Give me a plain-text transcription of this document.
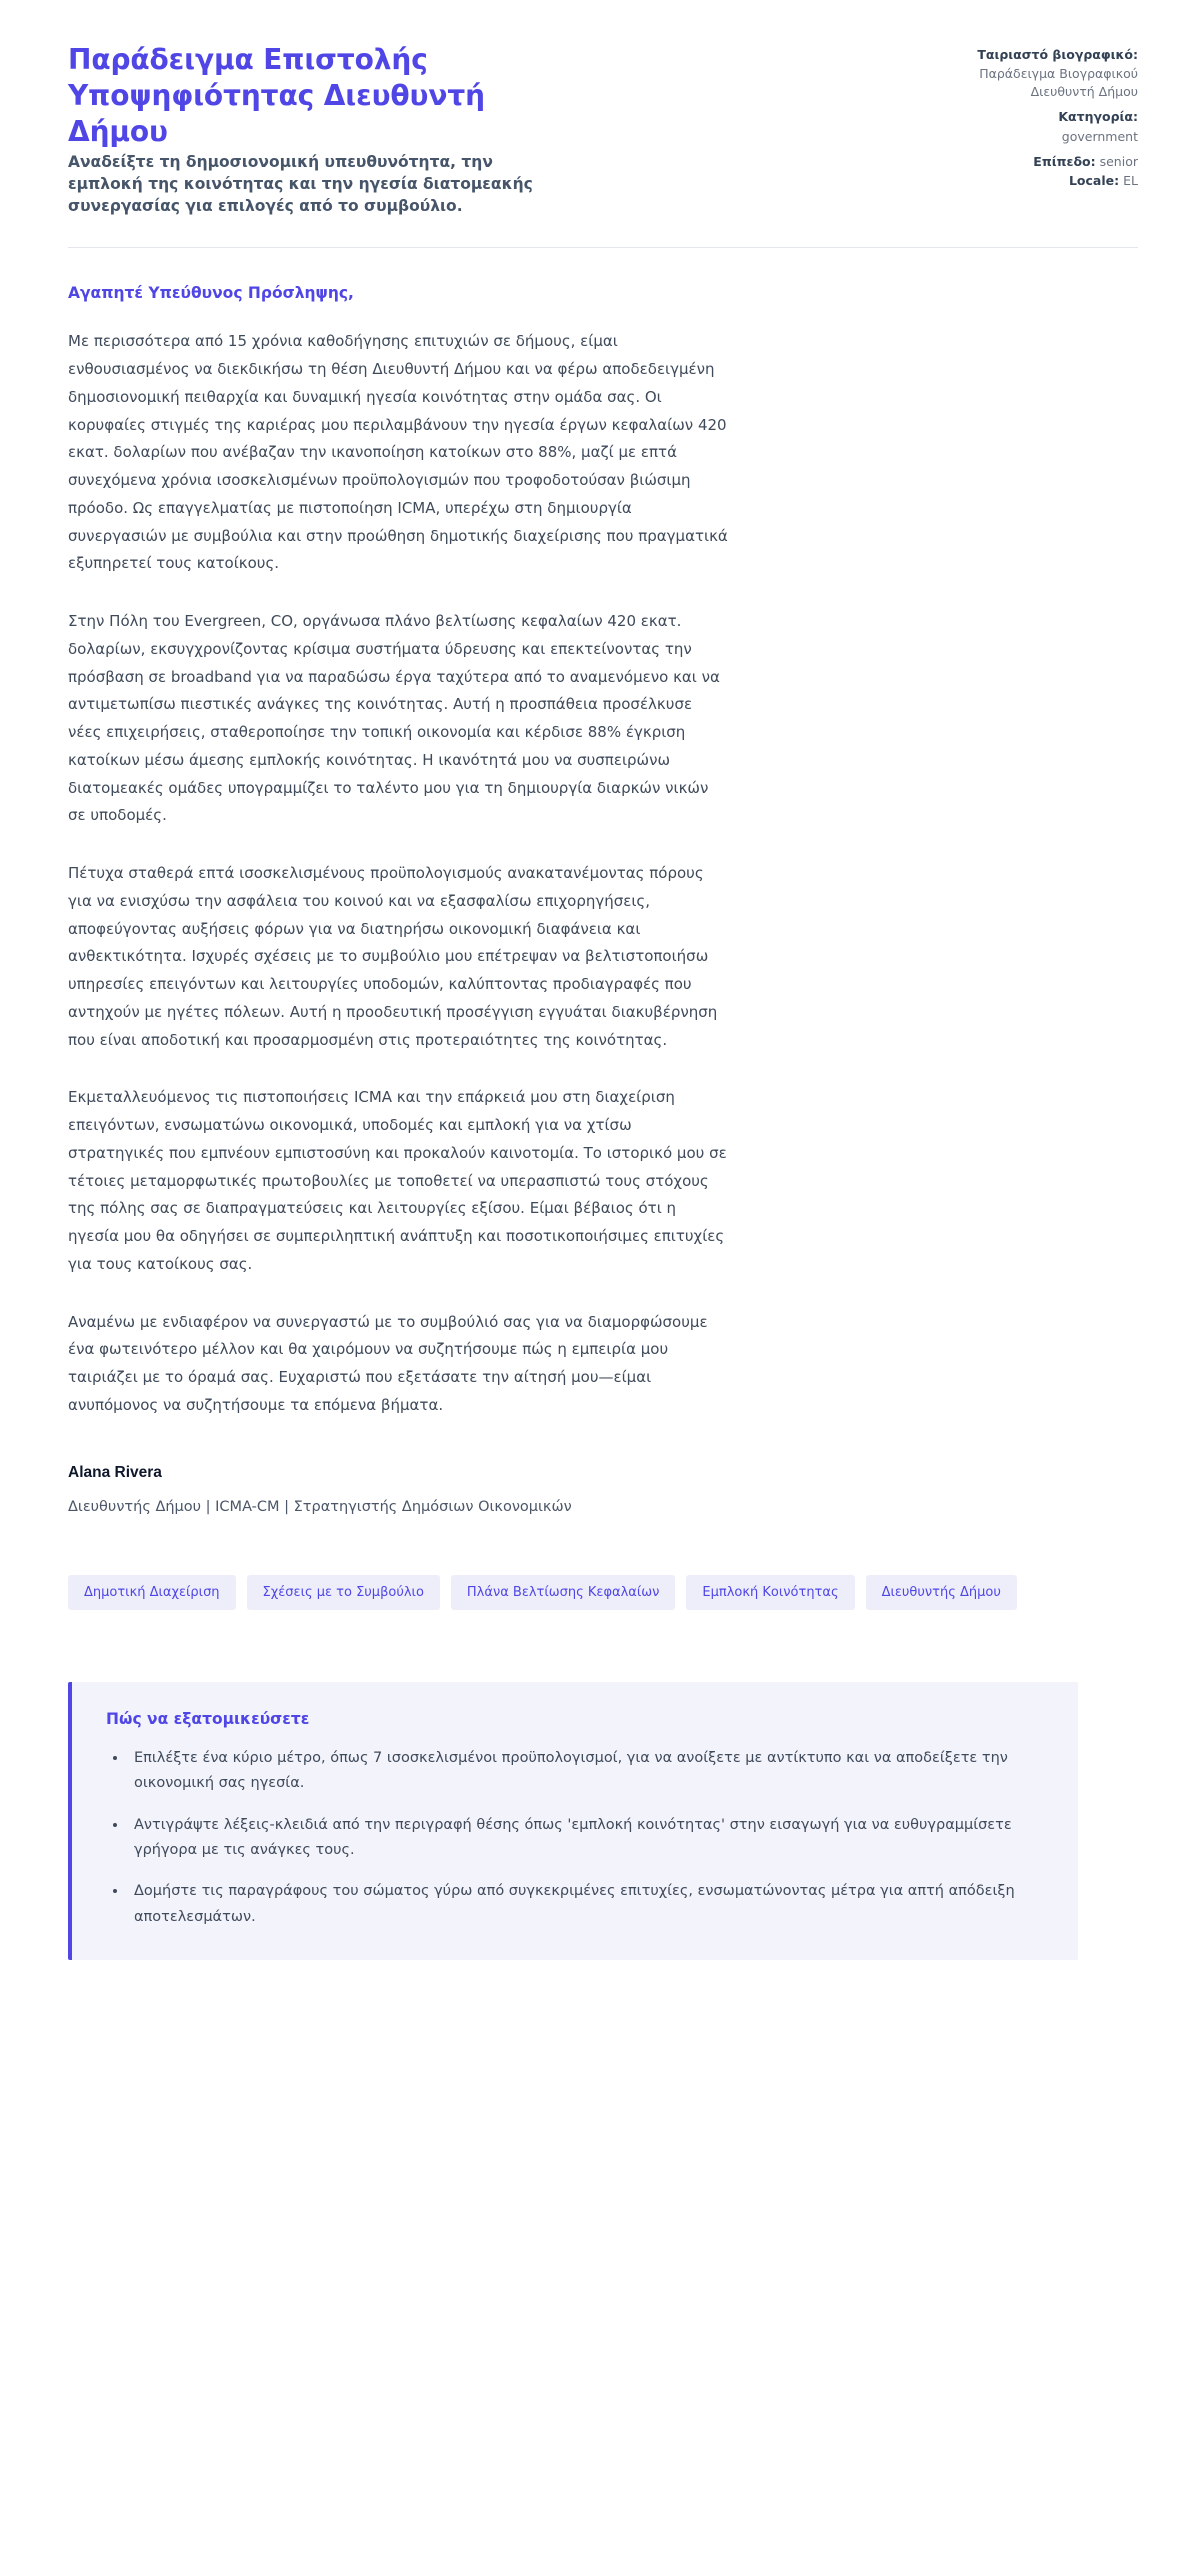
Παράδειγμα Επιστολής Υποψηφιότητας Διευθυντή Δήμου

Αναδείξτε τη δημοσιονομική υπευθυνότητα, την εμπλοκή της κοινότητας και την ηγεσία διατομεακής συνεργασίας για επιλογές από το συμβούλιο.

Ταιριαστό βιογραφικό:
Παράδειγμα Βιογραφικού Διευθυντή Δήμου
Κατηγορία:
government
Επίπεδο: senior
Locale: EL

Αγαπητέ Υπεύθυνος Πρόσληψης,

Με περισσότερα από 15 χρόνια καθοδήγησης επιτυχιών σε δήμους, είμαι ενθουσιασμένος να διεκδικήσω τη θέση Διευθυντή Δήμου και να φέρω αποδεδειγμένη δημοσιονομική πειθαρχία και δυναμική ηγεσία κοινότητας στην ομάδα σας. Οι κορυφαίες στιγμές της καριέρας μου περιλαμβάνουν την ηγεσία έργων κεφαλαίων 420 εκατ. δολαρίων που ανέβαζαν την ικανοποίηση κατοίκων στο 88%, μαζί με επτά συνεχόμενα χρόνια ισοσκελισμένων προϋπολογισμών που τροφοδοτούσαν βιώσιμη πρόοδο. Ως επαγγελματίας με πιστοποίηση ICMA, υπερέχω στη δημιουργία συνεργασιών με συμβούλια και στην προώθηση δημοτικής διαχείρισης που πραγματικά εξυπηρετεί τους κατοίκους.

Στην Πόλη του Evergreen, CO, οργάνωσα πλάνο βελτίωσης κεφαλαίων 420 εκατ. δολαρίων, εκσυγχρονίζοντας κρίσιμα συστήματα ύδρευσης και επεκτείνοντας την πρόσβαση σε broadband για να παραδώσω έργα ταχύτερα από το αναμενόμενο και να αντιμετωπίσω πιεστικές ανάγκες της κοινότητας. Αυτή η προσπάθεια προσέλκυσε νέες επιχειρήσεις, σταθεροποίησε την τοπική οικονομία και κέρδισε 88% έγκριση κατοίκων μέσω άμεσης εμπλοκής κοινότητας. Η ικανότητά μου να συσπειρώνω διατομεακές ομάδες υπογραμμίζει το ταλέντο μου για τη δημιουργία διαρκών νικών σε υποδομές.

Πέτυχα σταθερά επτά ισοσκελισμένους προϋπολογισμούς ανακατανέμοντας πόρους για να ενισχύσω την ασφάλεια του κοινού και να εξασφαλίσω επιχορηγήσεις, αποφεύγοντας αυξήσεις φόρων για να διατηρήσω οικονομική διαφάνεια και ανθεκτικότητα. Ισχυρές σχέσεις με το συμβούλιο μου επέτρεψαν να βελτιστοποιήσω υπηρεσίες επειγόντων και λειτουργίες υποδομών, καλύπτοντας προδιαγραφές που αντηχούν με ηγέτες πόλεων. Αυτή η προοδευτική προσέγγιση εγγυάται διακυβέρνηση που είναι αποδοτική και προσαρμοσμένη στις προτεραιότητες της κοινότητας.

Εκμεταλλευόμενος τις πιστοποιήσεις ICMA και την επάρκειά μου στη διαχείριση επειγόντων, ενσωματώνω οικονομικά, υποδομές και εμπλοκή για να χτίσω στρατηγικές που εμπνέουν εμπιστοσύνη και προκαλούν καινοτομία. Το ιστορικό μου σε τέτοιες μεταμορφωτικές πρωτοβουλίες με τοποθετεί να υπερασπιστώ τους στόχους της πόλης σας σε διαπραγματεύσεις και λειτουργίες εξίσου. Είμαι βέβαιος ότι η ηγεσία μου θα οδηγήσει σε συμπεριληπτική ανάπτυξη και ποσοτικοποιήσιμες επιτυχίες για τους κατοίκους σας.

Αναμένω με ενδιαφέρον να συνεργαστώ με το συμβούλιό σας για να διαμορφώσουμε ένα φωτεινότερο μέλλον και θα χαιρόμουν να συζητήσουμε πώς η εμπειρία μου ταιριάζει με το όραμά σας. Ευχαριστώ που εξετάσατε την αίτησή μου—είμαι ανυπόμονος να συζητήσουμε τα επόμενα βήματα.

Alana Rivera

Διευθυντής Δήμου | ICMA-CM | Στρατηγιστής Δημόσιων Οικονομικών

Δημοτική Διαχείριση	Σχέσεις με το Συμβούλιο	Πλάνα Βελτίωσης Κεφαλαίων	Εμπλοκή Κοινότητας	Διευθυντής Δήμου

Πώς να εξατομικεύσετε

• Επιλέξτε ένα κύριο μέτρο, όπως 7 ισοσκελισμένοι προϋπολογισμοί, για να ανοίξετε με αντίκτυπο και να αποδείξετε την οικονομική σας ηγεσία.
• Αντιγράψτε λέξεις-κλειδιά από την περιγραφή θέσης όπως 'εμπλοκή κοινότητας' στην εισαγωγή για να ευθυγραμμίσετε γρήγορα με τις ανάγκες τους.
• Δομήστε τις παραγράφους του σώματος γύρω από συγκεκριμένες επιτυχίες, ενσωματώνοντας μέτρα για απτή απόδειξη αποτελεσμάτων.
